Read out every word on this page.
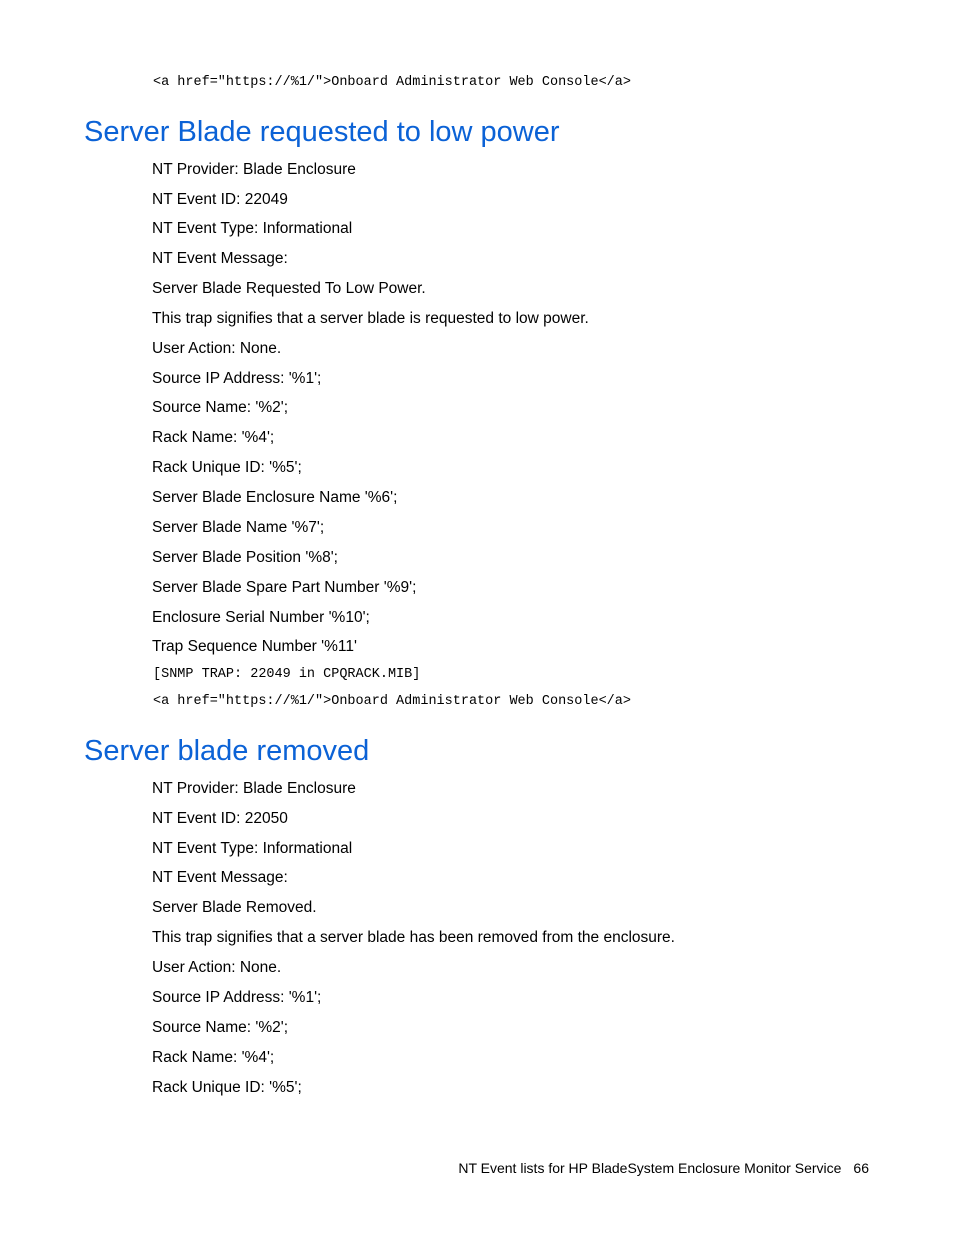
<a href="https://%1/">Onboard Administrator Web Console</a>
Server Blade requested to low power
NT Provider: Blade Enclosure
NT Event ID: 22049
NT Event Type: Informational
NT Event Message:
Server Blade Requested To Low Power.
This trap signifies that a server blade is requested to low power.
User Action: None.
Source IP Address: '%1';
Source Name: '%2';
Rack Name: '%4';
Rack Unique ID: '%5';
Server Blade Enclosure Name '%6';
Server Blade Name '%7';
Server Blade Position '%8';
Server Blade Spare Part Number '%9';
Enclosure Serial Number '%10';
Trap Sequence Number '%11'
[SNMP TRAP: 22049 in CPQRACK.MIB]
<a href="https://%1/">Onboard Administrator Web Console</a>
Server blade removed
NT Provider: Blade Enclosure
NT Event ID: 22050
NT Event Type: Informational
NT Event Message:
Server Blade Removed.
This trap signifies that a server blade has been removed from the enclosure.
User Action: None.
Source IP Address: '%1';
Source Name: '%2';
Rack Name: '%4';
Rack Unique ID: '%5';
NT Event lists for HP BladeSystem Enclosure Monitor Service 66
